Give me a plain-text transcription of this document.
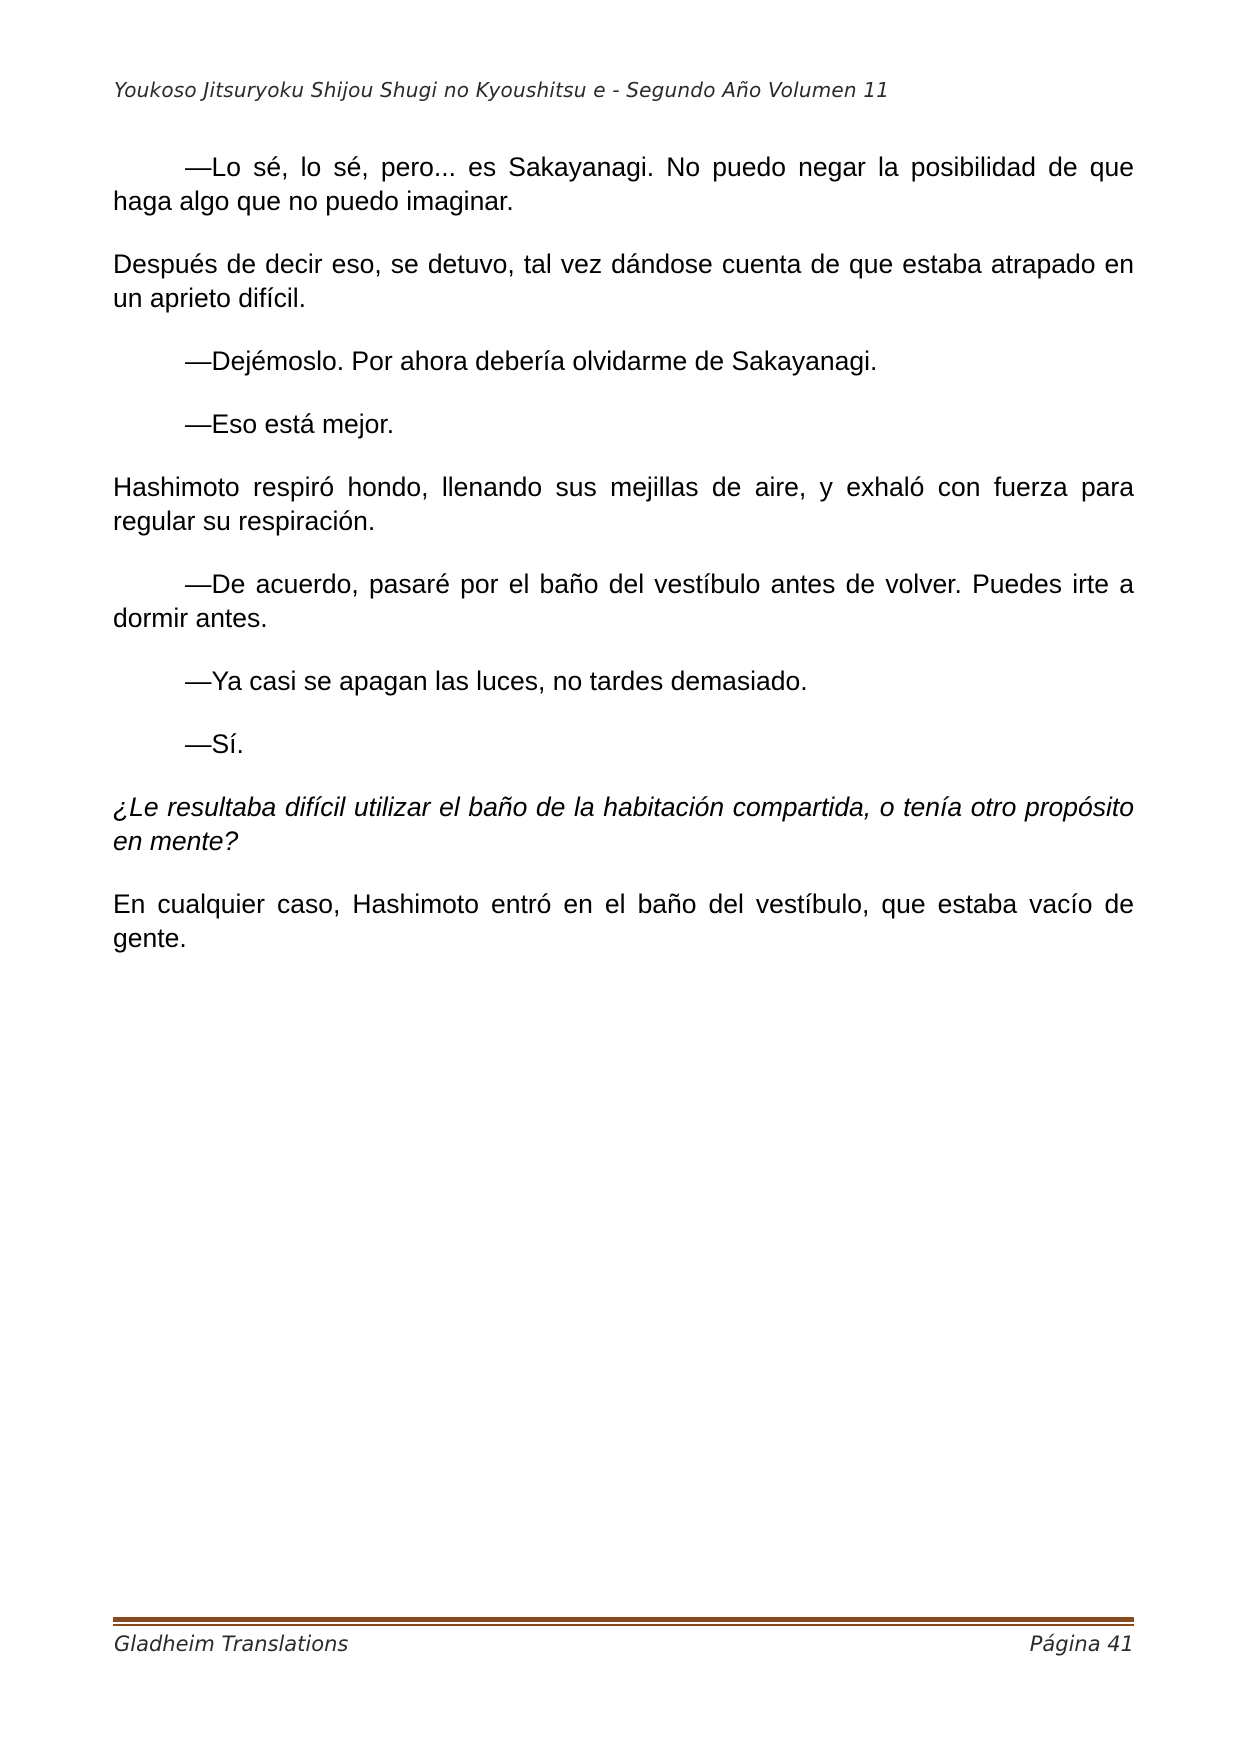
Youkoso Jitsuryoku Shijou Shugi no Kyoushitsu e - Segundo Año Volumen 11

—Lo sé, lo sé, pero... es Sakayanagi. No puedo negar la posibilidad de que haga algo que no puedo imaginar.

Después de decir eso, se detuvo, tal vez dándose cuenta de que estaba atrapado en un aprieto difícil.

—Dejémoslo. Por ahora debería olvidarme de Sakayanagi.

—Eso está mejor.

Hashimoto respiró hondo, llenando sus mejillas de aire, y exhaló con fuerza para regular su respiración.

—De acuerdo, pasaré por el baño del vestíbulo antes de volver. Puedes irte a dormir antes.

—Ya casi se apagan las luces, no tardes demasiado.

—Sí.

¿Le resultaba difícil utilizar el baño de la habitación compartida, o tenía otro propósito en mente?

En cualquier caso, Hashimoto entró en el baño del vestíbulo, que estaba vacío de gente.

Gladheim Translations	Página 41
